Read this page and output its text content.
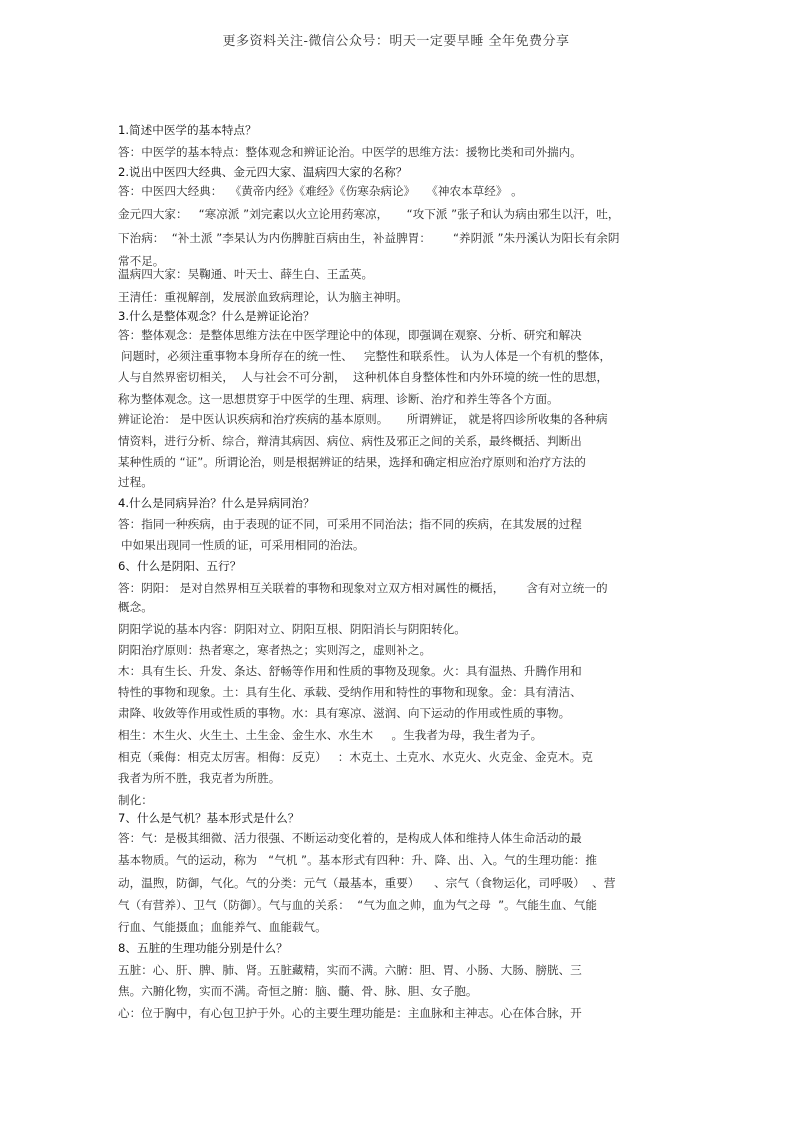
更多资料关注-微信公众号：明天一定要早睡 全年免费分享
1.简述中医学的基本特点？
答：中医学的基本特点：整体观念和辨证论治。中医学的思维方法：援物比类和司外揣内。
2.说出中医四大经典、金元四大家、温病四大家的名称？
答：中医四大经典：  《黄帝内经》《难经》《伤寒杂病论》   《神农本草经》 。
金元四大家：   “寒凉派 ”刘完素以火立论用药寒凉，     “攻下派 ”张子和认为病由邪生以汗，吐，
下治病：  “补土派 ”李杲认为内伤脾脏百病由生，补益脾胃：      “养阴派 ”朱丹溪认为阳长有余阴
常不足。
温病四大家：吴鞠通、叶天士、薛生白、王孟英。
王清任：重视解剖，发展淤血致病理论，认为脑主神明。
3.什么是整体观念？什么是辨证论治？
答：整体观念：是整体思维方法在中医学理论中的体现，即强调在观察、分析、研究和解决
问题时，必须注重事物本身所存在的统一性、   完整性和联系性。 认为人体是一个有机的整体，
人与自然界密切相关，  人与社会不可分割，  这种机体自身整体性和内外环境的统一性的思想，
称为整体观念。这一思想贯穿于中医学的生理、病理、诊断、治疗和养生等各个方面。
辨证论治： 是中医认识疾病和治疗疾病的基本原则。     所谓辨证， 就是将四诊所收集的各种病
情资料，进行分析、综合，辩清其病因、病位、病性及邪正之间的关系，最终概括、判断出
某种性质的 “证”。所谓论治，则是根据辨证的结果，选择和确定相应治疗原则和治疗方法的
过程。
4.什么是同病异治？什么是异病同治？
答：指同一种疾病，由于表现的证不同，可采用不同治法；指不同的疾病，在其发展的过程
中如果出现同一性质的证，可采用相同的治法。
6、什么是阴阳、五行？
答：阴阳： 是对自然界相互关联着的事物和现象对立双方相对属性的概括，      含有对立统一的
概念。
阴阳学说的基本内容：阴阳对立、阴阳互根、阴阳消长与阴阳转化。
阴阳治疗原则：热者寒之，寒者热之；实则泻之，虚则补之。
木：具有生长、升发、条达、舒畅等作用和性质的事物及现象。火：具有温热、升腾作用和
特性的事物和现象。土：具有生化、承载、受纳作用和特性的事物和现象。金：具有清洁、
肃降、收敛等作用或性质的事物。水：具有寒凉、滋润、向下运动的作用或性质的事物。
相生：木生火、火生土、土生金、金生水、水生木     。生我者为母，我生者为子。
相克（乘侮：相克太厉害。相侮：反克）   ：木克土、土克水、水克火、火克金、金克木。克
我者为所不胜，我克者为所胜。
制化：
7、什么是气机？基本形式是什么？
答：气：是极其细微、活力很强、不断运动变化着的，是构成人体和维持人体生命活动的最
基本物质。气的运动，称为   “气机 ”。基本形式有四种：升、降、出、入。气的生理功能：推
动，温煦，防御，气化。气的分类：元气（最基本，重要）    、宗气（食物运化，司呼吸）  、营
气（有营养）、卫气（防御）。气与血的关系：  “气为血之帅，血为气之母  ”。气能生血、气能
行血、气能摄血；血能养气、血能载气。
8、五脏的生理功能分别是什么？
五脏：心、肝、脾、肺、肾。五脏藏精，实而不满。六腑：胆、胃、小肠、大肠、膀胱、三
焦。六腑化物，实而不满。奇恒之腑：脑、髓、骨、脉、胆、女子胞。
心：位于胸中，有心包卫护于外。心的主要生理功能是：主血脉和主神志。心在体合脉，开
